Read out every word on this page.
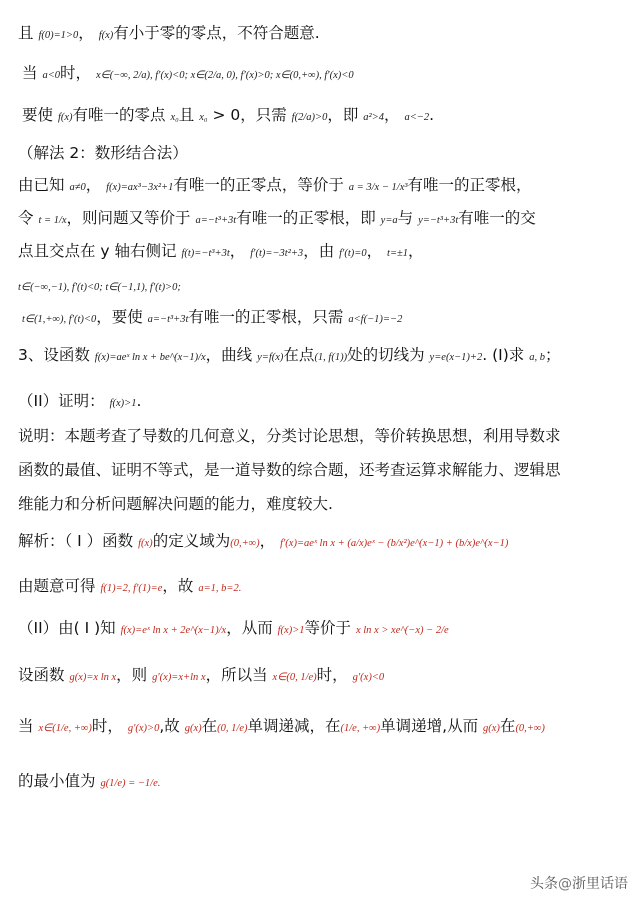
且 f(0)=1>0， f(x)有小于零的零点，不符合题意.
当 a<0时， x∈(−∞, 2/a), f′(x)<0; x∈(2/a, 0), f′(x)>0; x∈(0,+∞), f′(x)<0
要使 f(x)有唯一的零点 x₀且 x₀ > 0，只需 f(2/a)>0，即 a²>4， a<−2.
（解法 2：数形结合法）
由已知 a≠0， f(x)=ax³−3x²+1有唯一的正零点，等价于 a = 3/x − 1/x³有唯一的正零根，
令 t = 1/x，则问题又等价于 a=−t³+3t有唯一的正零根，即 y=a与 y=−t³+3t有唯一的交
点且交点在 y 轴右侧记 f(t)=−t³+3t， f′(t)=−3t²+3，由 f′(t)=0， t=±1，
t∈(−∞,−1), f′(t)<0; t∈(−1,1), f′(t)>0;
t∈(1,+∞), f′(t)<0，要使 a=−t³+3t有唯一的正零根，只需 a<f(−1)=−2
3、设函数 f(x)=aeˣ ln x + be^(x−1)/x，曲线 y=f(x)在点(1, f(1))处的切线为 y=e(x−1)+2. (I)求 a, b；
（II）证明： f(x)>1.
说明：本题考查了导数的几何意义，分类讨论思想，等价转换思想，利用导数求
函数的最值、证明不等式，是一道导数的综合题，还考查运算求解能力、逻辑思
维能力和分析问题解决问题的能力，难度较大.
解析：（ I ）函数 f(x)的定义域为(0,+∞)， f′(x)=aeˣ ln x + (a/x)eˣ − (b/x²)e^(x−1) + (b/x)e^(x−1)
由题意可得 f(1)=2, f′(1)=e，故 a=1, b=2.
（II）由( I )知 f(x)=eˣ ln x + 2e^(x−1)/x，从而 f(x)>1等价于 x ln x > xe^(−x) − 2/e
设函数 g(x)=x ln x，则 g′(x)=x+ln x，所以当 x∈(0, 1/e)时， g′(x)<0
当 x∈(1/e, +∞)时， g′(x)>0,故 g(x)在(0, 1/e)单调递减，在(1/e, +∞)单调递增,从而 g(x)在(0,+∞)
的最小值为 g(1/e) = −1/e.
头条@浙里话语
